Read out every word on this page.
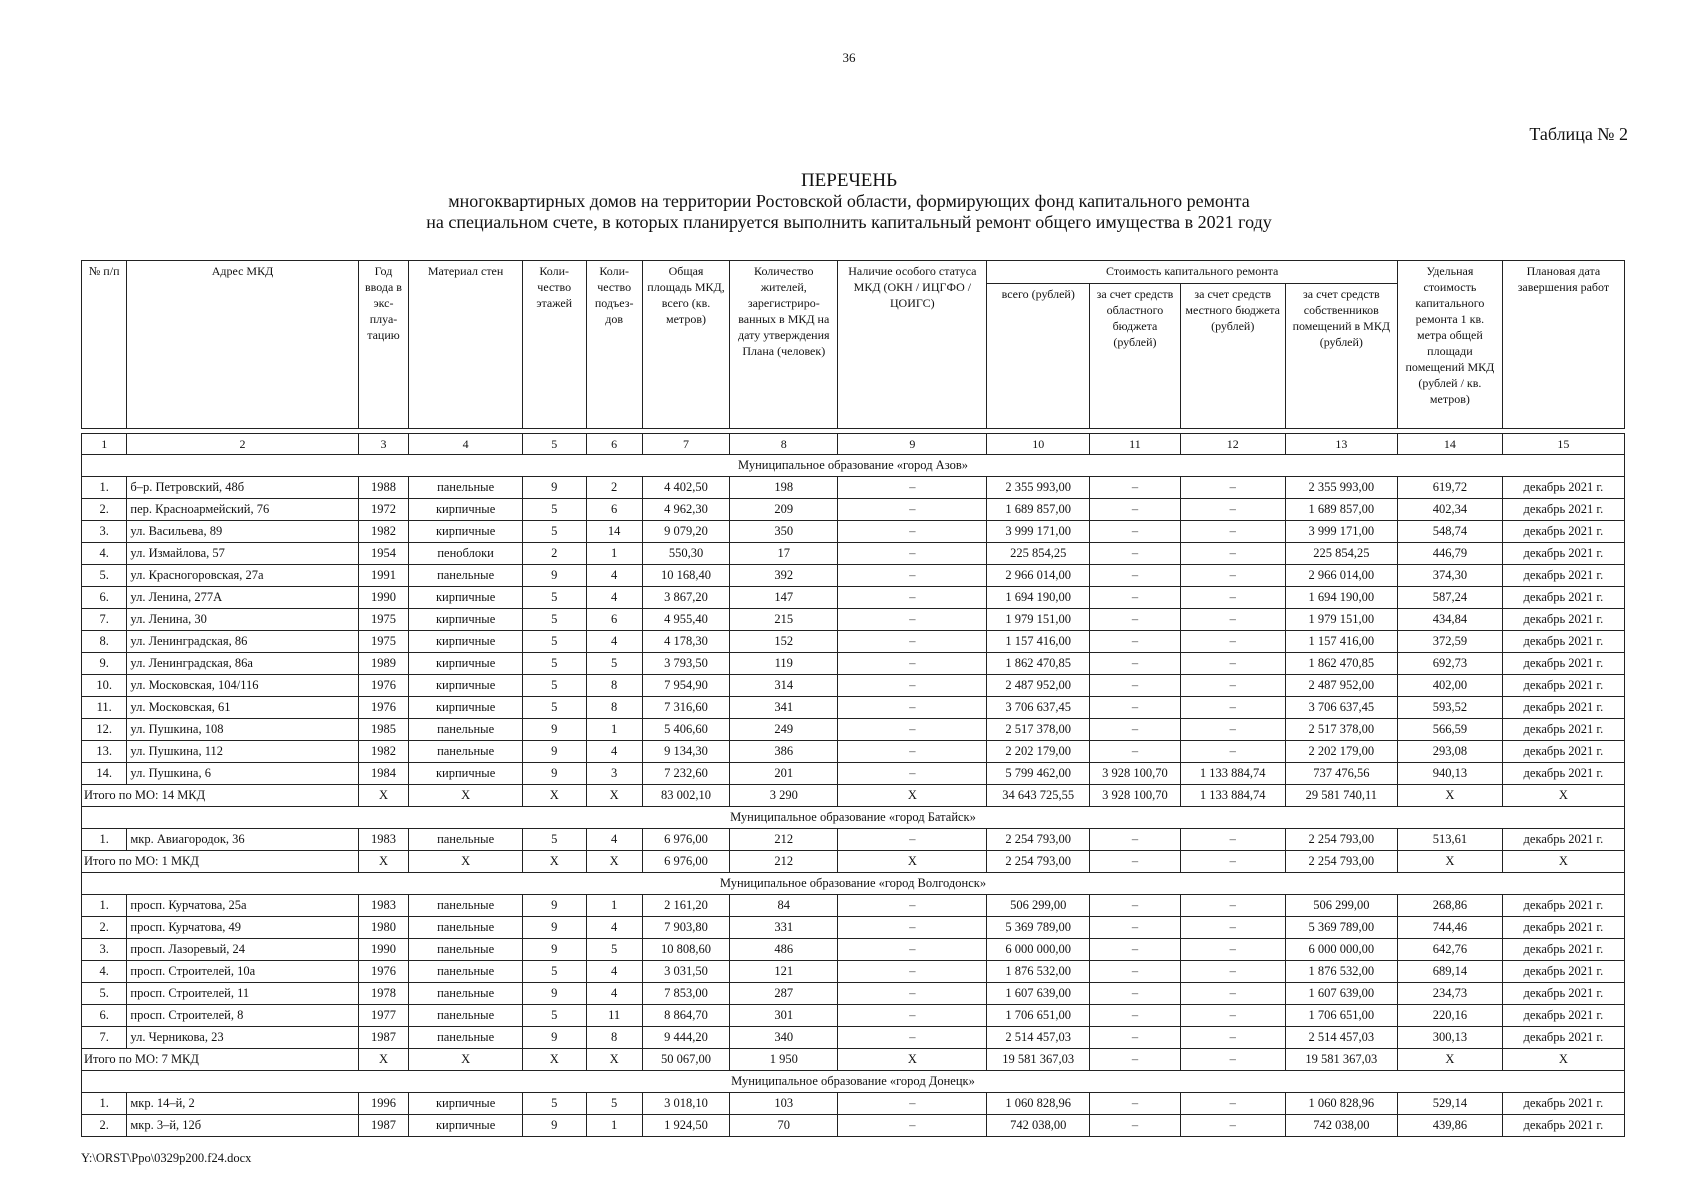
36
Таблица № 2
ПЕРЕЧЕНЬ
многоквартирных домов на территории Ростовской области, формирующих фонд капитального ремонта
на специальном счете, в которых планируется выполнить капитальный ремонт общего имущества в 2021 году
№ п/п	Адрес МКД	Год ввода в экс- плуа- тацию	Материал стен	Коли- чество этажей	Коли- чество подъез- дов	Общая площадь МКД, всего (кв. метров)	Количество жителей, зарегистриро- ванных в МКД на дату утверждения Плана (человек)	Наличие особого статуса МКД (ОКН / ИЦГФО / ЦОИГС)	Стоимость капитального ремонта				Удельная стоимость капитального ремонта 1 кв. метра общей площади помещений МКД (рублей / кв. метров)	Плановая дата завершения работ
									всего (рублей)	за счет средств областного бюджета (рублей)	за счет средств местного бюджета (рублей)	за счет средств собственников помещений в МКД (рублей)		

1	2	3	4	5	6	7	8	9	10	11	12	13	14	15
Муниципальное образование «город Азов»														
1.	б–р. Петровский, 48б	1988	панельные	9	2	4 402,50	198	–	2 355 993,00	–	–	2 355 993,00	619,72	декабрь 2021 г.
2.	пер. Красноармейский, 76	1972	кирпичные	5	6	4 962,30	209	–	1 689 857,00	–	–	1 689 857,00	402,34	декабрь 2021 г.
3.	ул. Васильева, 89	1982	кирпичные	5	14	9 079,20	350	–	3 999 171,00	–	–	3 999 171,00	548,74	декабрь 2021 г.
4.	ул. Измайлова, 57	1954	пеноблоки	2	1	550,30	17	–	225 854,25	–	–	225 854,25	446,79	декабрь 2021 г.
5.	ул. Красногоровская, 27а	1991	панельные	9	4	10 168,40	392	–	2 966 014,00	–	–	2 966 014,00	374,30	декабрь 2021 г.
6.	ул. Ленина, 277А	1990	кирпичные	5	4	3 867,20	147	–	1 694 190,00	–	–	1 694 190,00	587,24	декабрь 2021 г.
7.	ул. Ленина, 30	1975	кирпичные	5	6	4 955,40	215	–	1 979 151,00	–	–	1 979 151,00	434,84	декабрь 2021 г.
8.	ул. Ленинградская, 86	1975	кирпичные	5	4	4 178,30	152	–	1 157 416,00	–	–	1 157 416,00	372,59	декабрь 2021 г.
9.	ул. Ленинградская, 86а	1989	кирпичные	5	5	3 793,50	119	–	1 862 470,85	–	–	1 862 470,85	692,73	декабрь 2021 г.
10.	ул. Московская, 104/116	1976	кирпичные	5	8	7 954,90	314	–	2 487 952,00	–	–	2 487 952,00	402,00	декабрь 2021 г.
11.	ул. Московская, 61	1976	кирпичные	5	8	7 316,60	341	–	3 706 637,45	–	–	3 706 637,45	593,52	декабрь 2021 г.
12.	ул. Пушкина, 108	1985	панельные	9	1	5 406,60	249	–	2 517 378,00	–	–	2 517 378,00	566,59	декабрь 2021 г.
13.	ул. Пушкина, 112	1982	панельные	9	4	9 134,30	386	–	2 202 179,00	–	–	2 202 179,00	293,08	декабрь 2021 г.
14.	ул. Пушкина, 6	1984	кирпичные	9	3	7 232,60	201	–	5 799 462,00	3 928 100,70	1 133 884,74	737 476,56	940,13	декабрь 2021 г.
Итого по МО: 14 МКД		X	X	X	X	83 002,10	3 290	X	34 643 725,55	3 928 100,70	1 133 884,74	29 581 740,11	X	X
Муниципальное образование «город Батайск»														
1.	мкр. Авиагородок, 36	1983	панельные	5	4	6 976,00	212	–	2 254 793,00	–	–	2 254 793,00	513,61	декабрь 2021 г.
Итого по МО: 1 МКД		X	X	X	X	6 976,00	212	X	2 254 793,00	–	–	2 254 793,00	X	X
Муниципальное образование «город Волгодонск»														
1.	просп. Курчатова, 25а	1983	панельные	9	1	2 161,20	84	–	506 299,00	–	–	506 299,00	268,86	декабрь 2021 г.
2.	просп. Курчатова, 49	1980	панельные	9	4	7 903,80	331	–	5 369 789,00	–	–	5 369 789,00	744,46	декабрь 2021 г.
3.	просп. Лазоревый, 24	1990	панельные	9	5	10 808,60	486	–	6 000 000,00	–	–	6 000 000,00	642,76	декабрь 2021 г.
4.	просп. Строителей, 10а	1976	панельные	5	4	3 031,50	121	–	1 876 532,00	–	–	1 876 532,00	689,14	декабрь 2021 г.
5.	просп. Строителей, 11	1978	панельные	9	4	7 853,00	287	–	1 607 639,00	–	–	1 607 639,00	234,73	декабрь 2021 г.
6.	просп. Строителей, 8	1977	панельные	5	11	8 864,70	301	–	1 706 651,00	–	–	1 706 651,00	220,16	декабрь 2021 г.
7.	ул. Черникова, 23	1987	панельные	9	8	9 444,20	340	–	2 514 457,03	–	–	2 514 457,03	300,13	декабрь 2021 г.
Итого по МО: 7 МКД		X	X	X	X	50 067,00	1 950	X	19 581 367,03	–	–	19 581 367,03	X	X
Муниципальное образование «город Донецк»														
1.	мкр. 14–й, 2	1996	кирпичные	5	5	3 018,10	103	–	1 060 828,96	–	–	1 060 828,96	529,14	декабрь 2021 г.
2.	мкр. 3–й, 12б	1987	кирпичные	9	1	1 924,50	70	–	742 038,00	–	–	742 038,00	439,86	декабрь 2021 г.
Y:\ORST\Ppo\0329p200.f24.docx
